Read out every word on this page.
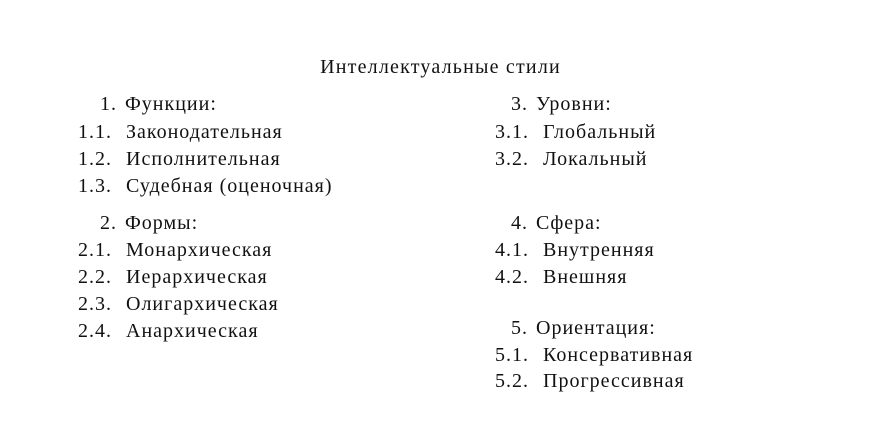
Интеллектуальные стили
1. Функции:
1.1. Законодательная
1.2. Исполнительная
1.3. Судебная (оценочная)
2. Формы:
2.1. Монархическая
2.2. Иерархическая
2.3. Олигархическая
2.4. Анархическая
3. Уровни:
3.1. Глобальный
3.2. Локальный
4. Сфера:
4.1. Внутренняя
4.2. Внешняя
5. Ориентация:
5.1. Консервативная
5.2. Прогрессивная
